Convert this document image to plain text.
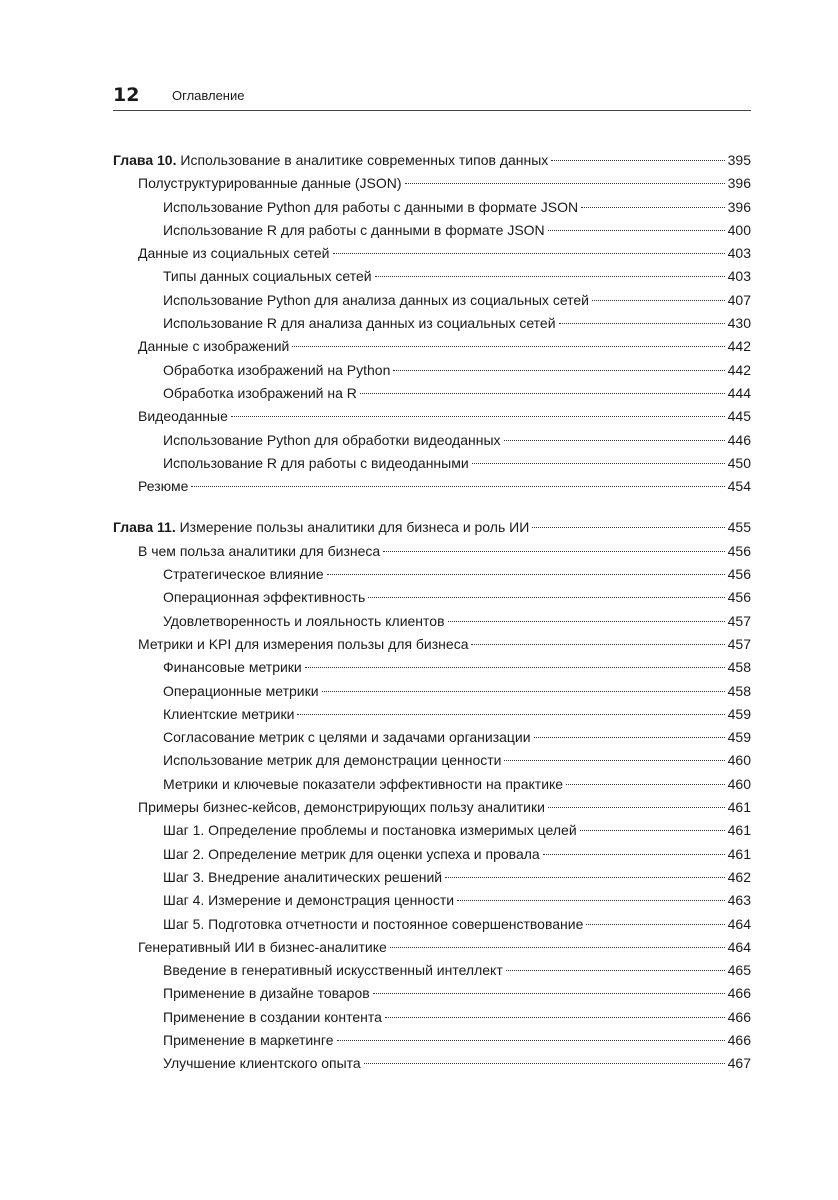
12	Оглавление
Глава 10. Использование в аналитике современных типов данных	395
Полуструктурированные данные (JSON)	396
Использование Python для работы с данными в формате JSON	396
Использование R для работы с данными в формате JSON	400
Данные из социальных сетей	403
Типы данных социальных сетей	403
Использование Python для анализа данных из социальных сетей	407
Использование R для анализа данных из социальных сетей	430
Данные с изображений	442
Обработка изображений на Python	442
Обработка изображений на R	444
Видеоданные	445
Использование Python для обработки видеоданных	446
Использование R для работы с видеоданными	450
Резюме	454
Глава 11. Измерение пользы аналитики для бизнеса и роль ИИ	455
В чем польза аналитики для бизнеса	456
Стратегическое влияние	456
Операционная эффективность	456
Удовлетворенность и лояльность клиентов	457
Метрики и KPI для измерения пользы для бизнеса	457
Финансовые метрики	458
Операционные метрики	458
Клиентские метрики	459
Согласование метрик с целями и задачами организации	459
Использование метрик для демонстрации ценности	460
Метрики и ключевые показатели эффективности на практике	460
Примеры бизнес-кейсов, демонстрирующих пользу аналитики	461
Шаг 1. Определение проблемы и постановка измеримых целей	461
Шаг 2. Определение метрик для оценки успеха и провала	461
Шаг 3. Внедрение аналитических решений	462
Шаг 4. Измерение и демонстрация ценности	463
Шаг 5. Подготовка отчетности и постоянное совершенствование	464
Генеративный ИИ в бизнес-аналитике	464
Введение в генеративный искусственный интеллект	465
Применение в дизайне товаров	466
Применение в создании контента	466
Применение в маркетинге	466
Улучшение клиентского опыта	467
